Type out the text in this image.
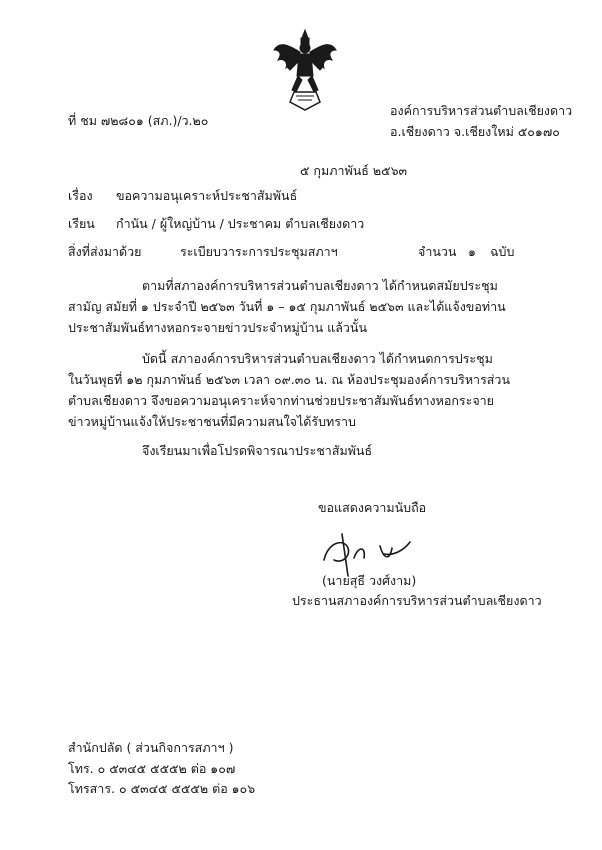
ที่ ชม ๗๒๘๐๑ (สภ.)/ว.๒๐
องค์การบริหารส่วนตำบลเชียงดาว
อ.เชียงดาว จ.เชียงใหม่ ๕๐๑๗๐
๕ กุมภาพันธ์ ๒๕๖๓
เรื่อง ขอความอนุเคราะห์ประชาสัมพันธ์
เรียน กำนัน / ผู้ใหญ่บ้าน / ประชาคม ตำบลเชียงดาว
สิ่งที่ส่งมาด้วย	ระเบียบวาระการประชุมสภาฯ	จำนวน ๑ ฉบับ
ตามที่สภาองค์การบริหารส่วนตำบลเชียงดาว ได้กำหนดสมัยประชุมสามัญ สมัยที่ ๑ ประจำปี ๒๕๖๓ วันที่ ๑ – ๑๕ กุมภาพันธ์ ๒๕๖๓ และได้แจ้งขอท่านประชาสัมพันธ์ทางหอกระจายข่าวประจำหมู่บ้าน แล้วนั้น
บัดนี้ สภาองค์การบริหารส่วนตำบลเชียงดาว ได้กำหนดการประชุม ในวันพุธที่ ๑๒ กุมภาพันธ์ ๒๕๖๓ เวลา ๐๙.๓๐ น. ณ ห้องประชุมองค์การบริหารส่วนตำบลเชียงดาว จึงขอความอนุเคราะห์จากท่านช่วยประชาสัมพันธ์ทางหอกระจายข่าวหมู่บ้านแจ้งให้ประชาชนที่มีความสนใจได้รับทราบ
จึงเรียนมาเพื่อโปรดพิจารณาประชาสัมพันธ์
ขอแสดงความนับถือ
(นายสุธี วงศ์งาม)
ประธานสภาองค์การบริหารส่วนตำบลเชียงดาว
สำนักปลัด ( ส่วนกิจการสภาฯ )
โทร. ๐ ๕๓๔๕ ๕๕๕๒ ต่อ ๑๐๗
โทรสาร. ๐ ๕๓๔๕ ๕๕๕๒ ต่อ ๑๐๖
